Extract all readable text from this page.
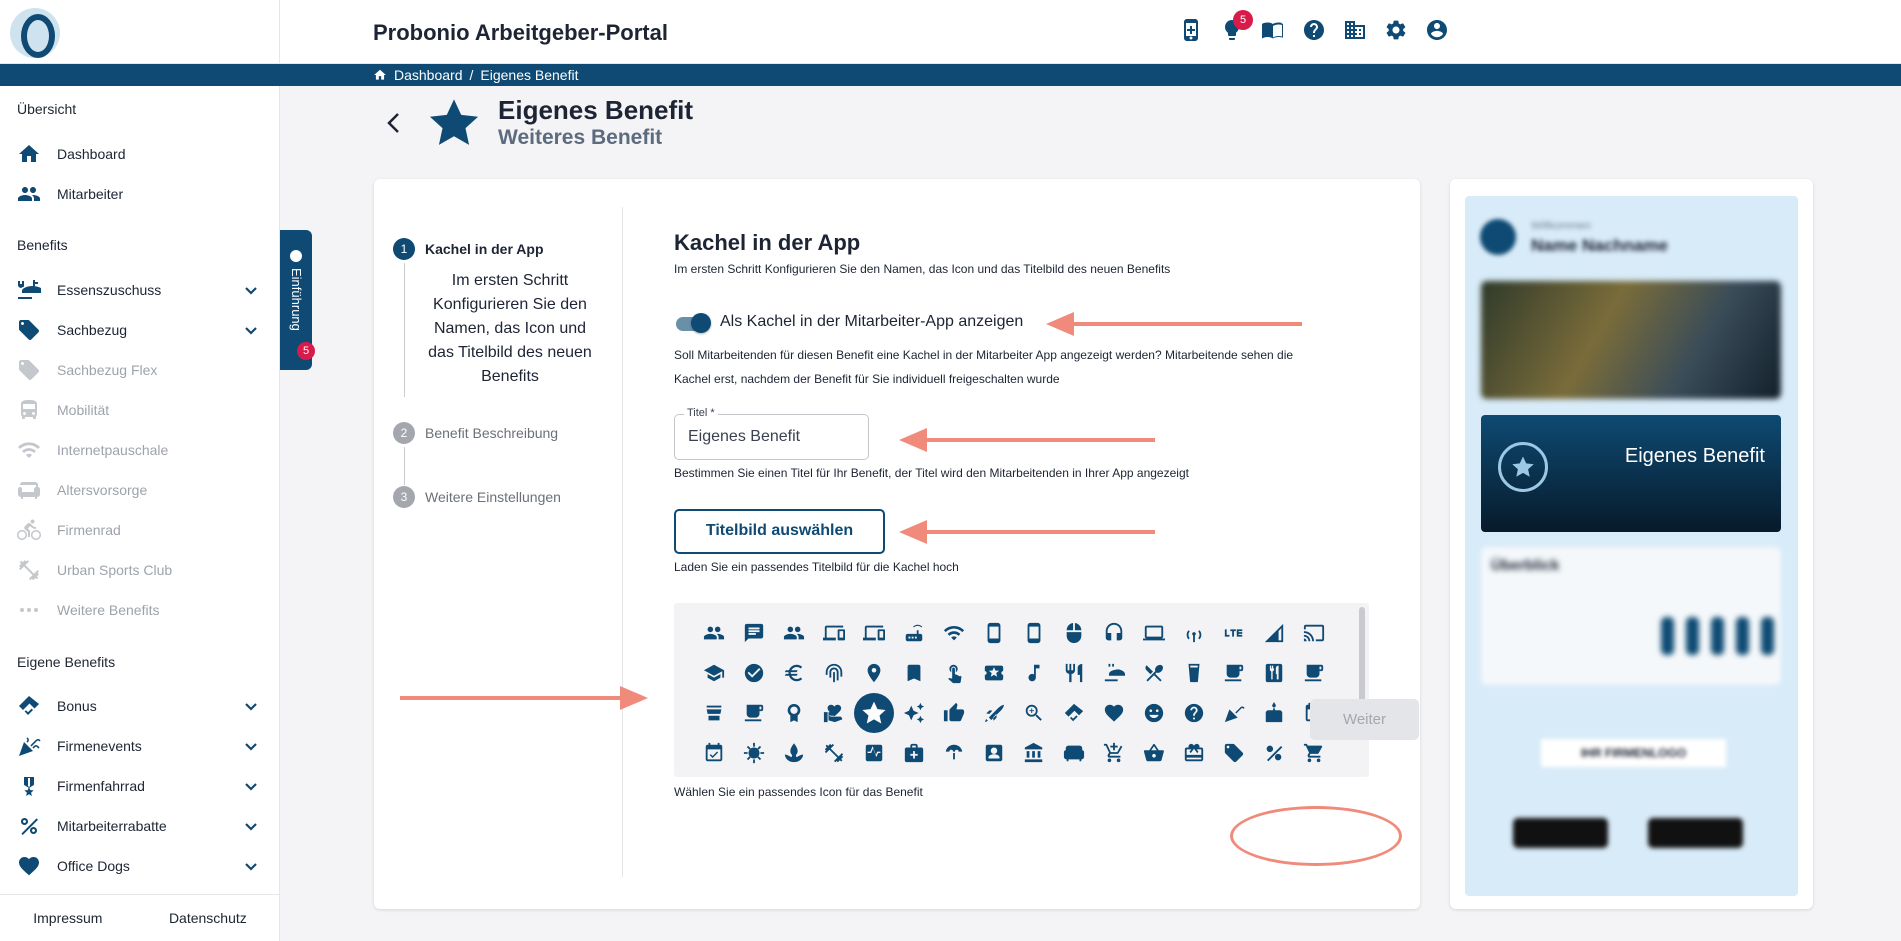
Probonio Arbeitgeber-Portal	5
Dashboard / Eigenes Benefit
Übersicht
Dashboard
Mitarbeiter
Benefits
Essenszuschuss
Sachbezug
Sachbezug Flex
Mobilität
Internetpauschale
Altersvorsorge
Firmenrad
Urban Sports Club
Weitere Benefits
Eigene Benefits
Bonus
Firmenevents
Firmenfahrrad
Mitarbeiterrabatte
Office Dogs
Impressum	Datenschutz
Einführung
5
Eigenes Benefit
Weiteres Benefit
1	Kachel in der App
Im ersten Schritt Konfigurieren Sie den Namen, das Icon und das Titelbild des neuen Benefits
2	Benefit Beschreibung
3	Weitere Einstellungen
Kachel in der App
Im ersten Schritt Konfigurieren Sie den Namen, das Icon und das Titelbild des neuen Benefits
Als Kachel in der Mitarbeiter-App anzeigen
Soll Mitarbeitenden für diesen Benefit eine Kachel in der Mitarbeiter App angezeigt werden? Mitarbeitende sehen die
Kachel erst, nachdem der Benefit für Sie individuell freigeschalten wurde
Titel *
Eigenes Benefit
Bestimmen Sie einen Titel für Ihr Benefit, der Titel wird den Mitarbeitenden in Ihrer App angezeigt
Titelbild auswählen
Laden Sie ein passendes Titelbild für die Kachel hoch
Wählen Sie ein passendes Icon für das Benefit
Weiter
Willkommen
Name Nachname
Eigenes Benefit
Überblick
IHR FIRMENLOGO
